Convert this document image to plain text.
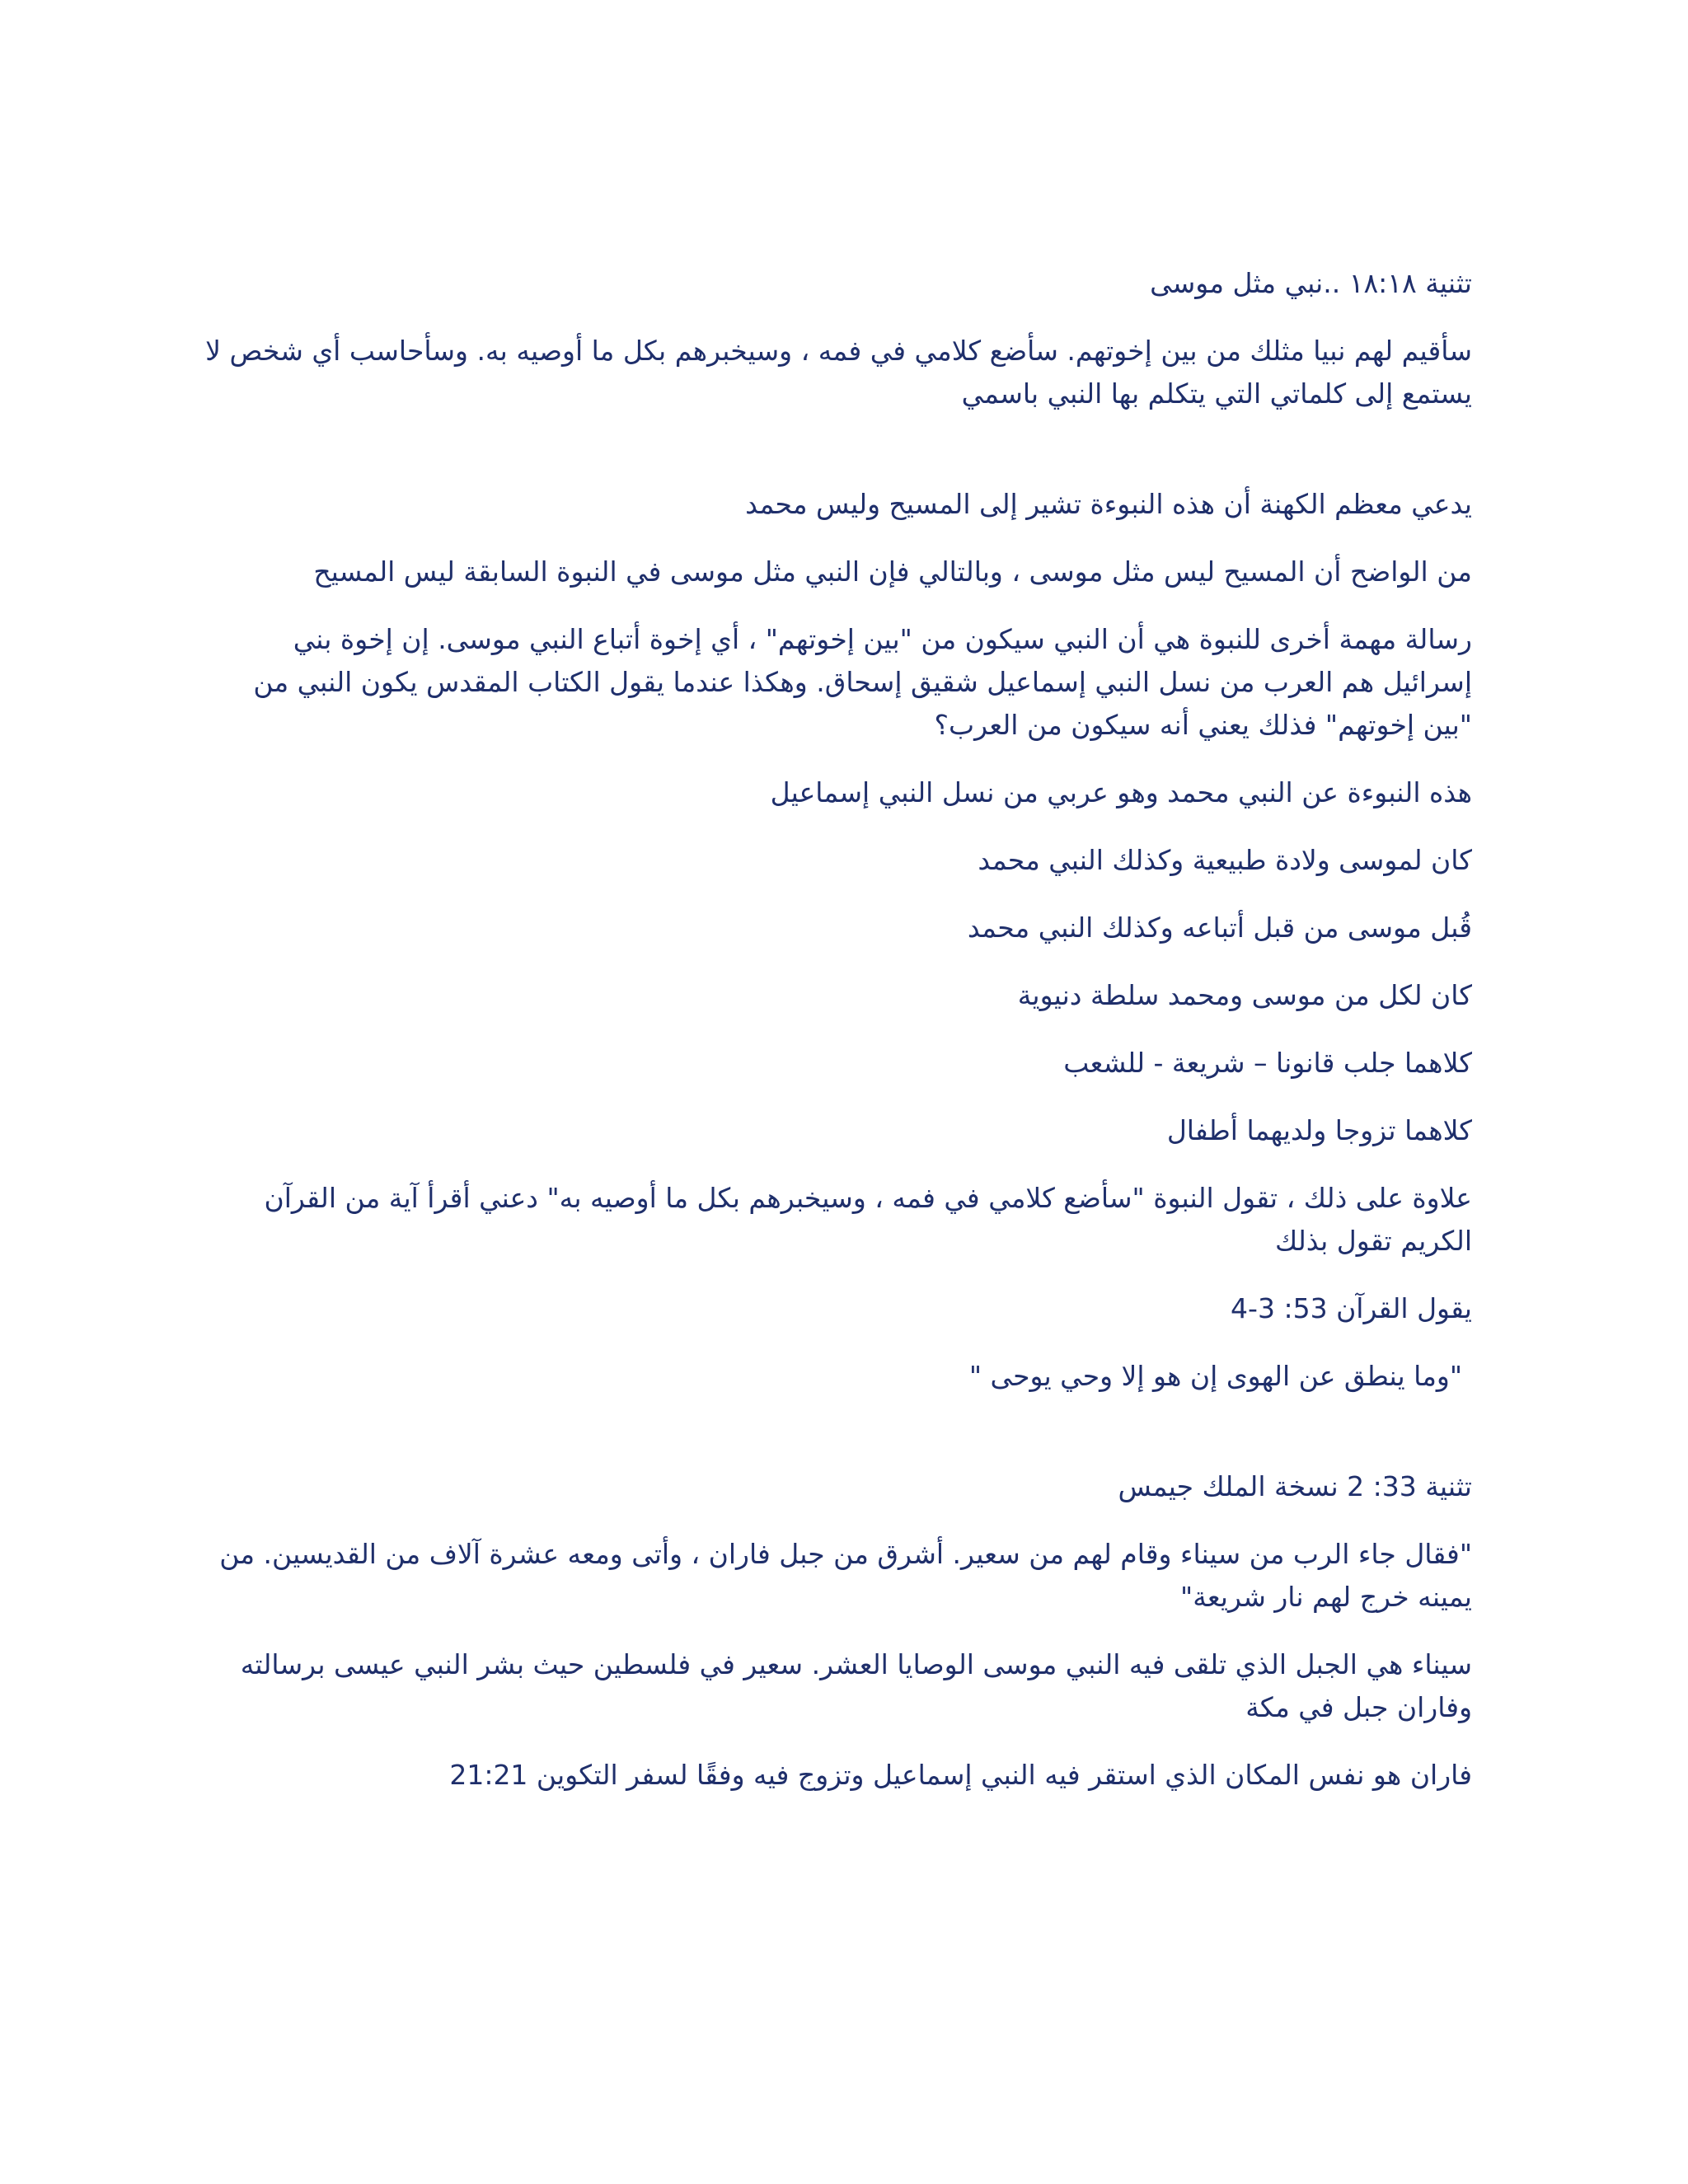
تثنية ١٨:١٨ ..نبي مثل موسى

سأقيم لهم نبيا مثلك من بين إخوتهم. سأضع كلامي في فمه ، وسيخبرهم بكل ما أوصيه به. وسأحاسب أي شخص لا يستمع إلى كلماتي التي يتكلم بها النبي باسمي

يدعي معظم الكهنة أن هذه النبوءة تشير إلى المسيح وليس محمد

من الواضح أن المسيح ليس مثل موسى ، وبالتالي فإن النبي مثل موسى في النبوة السابقة ليس المسيح

رسالة مهمة أخرى للنبوة هي أن النبي سيكون من "بين إخوتهم" ، أي إخوة أتباع النبي موسى. إن إخوة بني إسرائيل هم العرب من نسل النبي إسماعيل شقيق إسحاق. وهكذا عندما يقول الكتاب المقدس يكون النبي من "بين إخوتهم" فذلك يعني أنه سيكون من العرب؟

هذه النبوءة عن النبي محمد وهو عربي من نسل النبي إسماعيل

كان لموسى ولادة طبيعية وكذلك النبي محمد

قُبل موسى من قبل أتباعه وكذلك النبي محمد

كان لكل من موسى ومحمد سلطة دنيوية

كلاهما جلب قانونا – شريعة - للشعب

كلاهما تزوجا ولديهما أطفال

علاوة على ذلك ، تقول النبوة "سأضع كلامي في فمه ، وسيخبرهم بكل ما أوصيه به" دعني أقرأ آية من القرآن الكريم تقول بذلك

يقول القرآن 53: 3-4

"وما ينطق عن الهوى إن هو إلا وحي يوحى "

تثنية 33: 2 نسخة الملك جيمس

"فقال جاء الرب من سيناء وقام لهم من سعير. أشرق من جبل فاران ، وأتى ومعه عشرة آلاف من القديسين. من يمينه خرج لهم نار شريعة"

سيناء هي الجبل الذي تلقى فيه النبي موسى الوصايا العشر. سعير في فلسطين حيث بشر النبي عيسى برسالته وفاران جبل في مكة

فاران هو نفس المكان الذي استقر فيه النبي إسماعيل وتزوج فيه وفقًا لسفر التكوين 21:21
